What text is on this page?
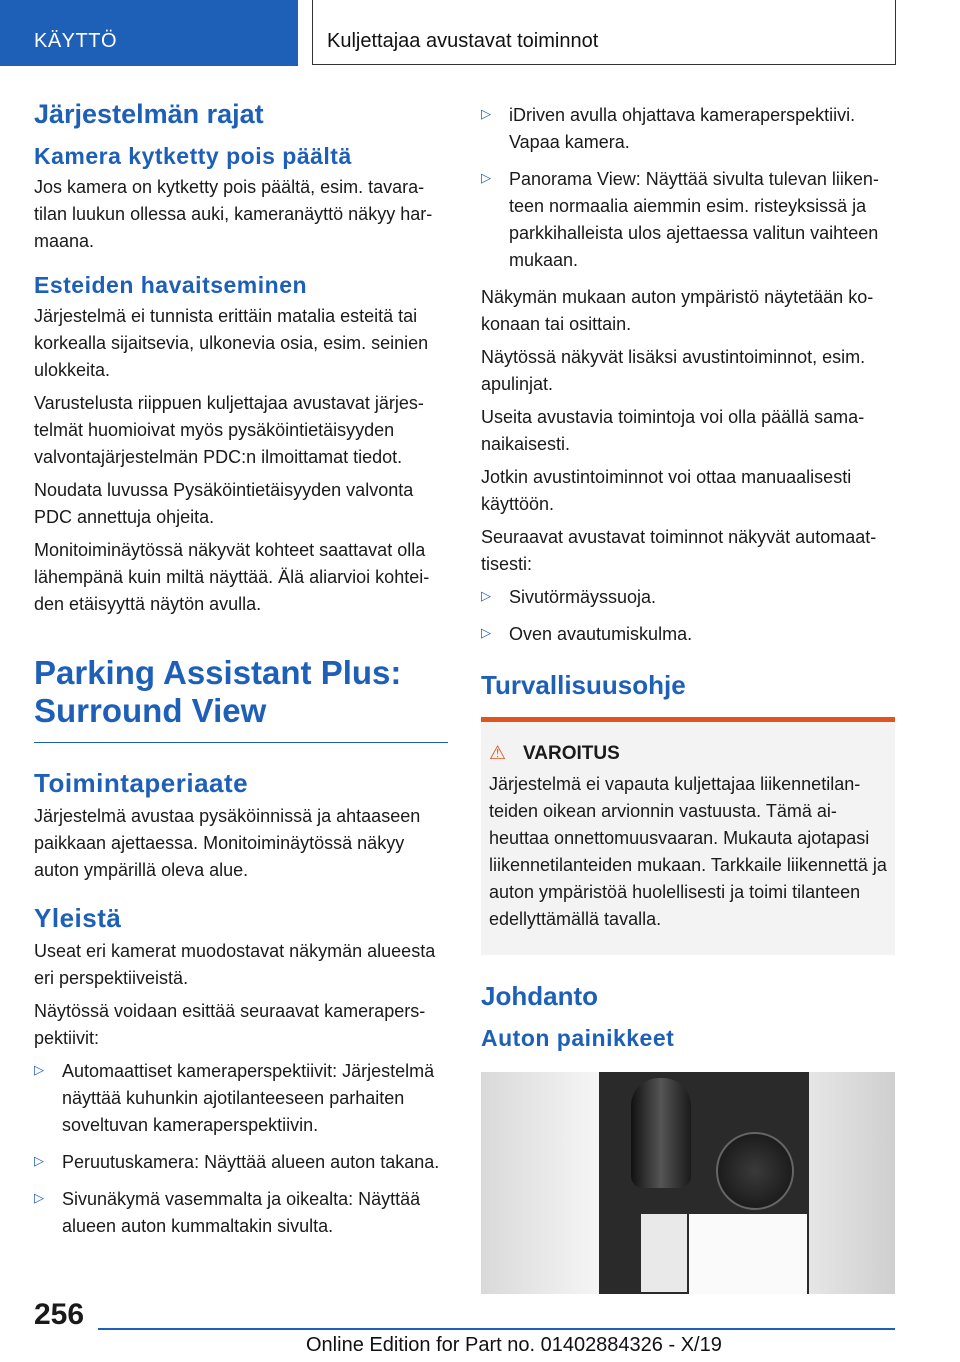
KÄYTTÖ	Kuljettajaa avustavat toiminnot
Järjestelmän rajat
Kamera kytketty pois päältä

Jos kamera on kytketty pois päältä, esim. tavaratilan luukun ollessa auki, kameranäyttö näkyy harmaana.

Esteiden havaitseminen

Järjestelmä ei tunnista erittäin matalia esteitä tai korkealla sijaitsevia, ulkonevia osia, esim. seinien ulokkeita.

Varustelusta riippuen kuljettajaa avustavat järjestelmät huomioivat myös pysäköintietäisyyden valvontajärjestelmän PDC:n ilmoittamat tiedot.

Noudata luvussa Pysäköintietäisyyden valvonta PDC annettuja ohjeita.

Monitoiminäytössä näkyvät kohteet saattavat olla lähempänä kuin miltä näyttää. Älä aliarvioi kohteiden etäisyyttä näytön avulla.

Parking Assistant Plus: Surround View
Toimintaperiaate

Järjestelmä avustaa pysäköinnissä ja ahtaaseen paikkaan ajettaessa. Monitoiminäytössä näkyy auton ympärillä oleva alue.

Yleistä

Useat eri kamerat muodostavat näkymän alueesta eri perspektiiveistä.

Näytössä voidaan esittää seuraavat kameraperspektiivit:

▷ Automaattiset kameraperspektiivit: Järjestelmä näyttää kuhunkin ajotilanteeseen parhaiten soveltuvan kameraperspektiivin.
▷ Peruutuskamera: Näyttää alueen auton takana.
▷ Sivunäkymä vasemmalta ja oikealta: Näyttää alueen auton kummaltakin sivulta.
▷ iDriven avulla ohjattava kameraperspektiivi. Vapaa kamera.
▷ Panorama View: Näyttää sivulta tulevan liikenteen normaalia aiemmin esim. risteyksissä ja parkkihalleista ulos ajettaessa valitun vaihteen mukaan.

Näkymän mukaan auton ympäristö näytetään kokonaan tai osittain.

Näytössä näkyvät lisäksi avustintoiminnot, esim. apulinjat.

Useita avustavia toimintoja voi olla päällä samanaikaisesti.

Jotkin avustintoiminnot voi ottaa manuaalisesti käyttöön.

Seuraavat avustavat toiminnot näkyvät automaattisesti:

▷ Sivutörmäyssuoja.
▷ Oven avautumiskulma.
Turvallisuusohje
⚠ VAROITUS

Järjestelmä ei vapauta kuljettajaa liikennetilanteiden oikean arvionnin vastuusta. Tämä aiheuttaa onnettomuusvaaran. Mukauta ajotapasi liikennetilanteiden mukaan. Tarkkaile liikennettä ja auton ympäristöä huolellisesti ja toimi tilanteen edellyttämällä tavalla.

Johdanto
Auton painikkeet
256
Online Edition for Part no. 01402884326 - X/19
